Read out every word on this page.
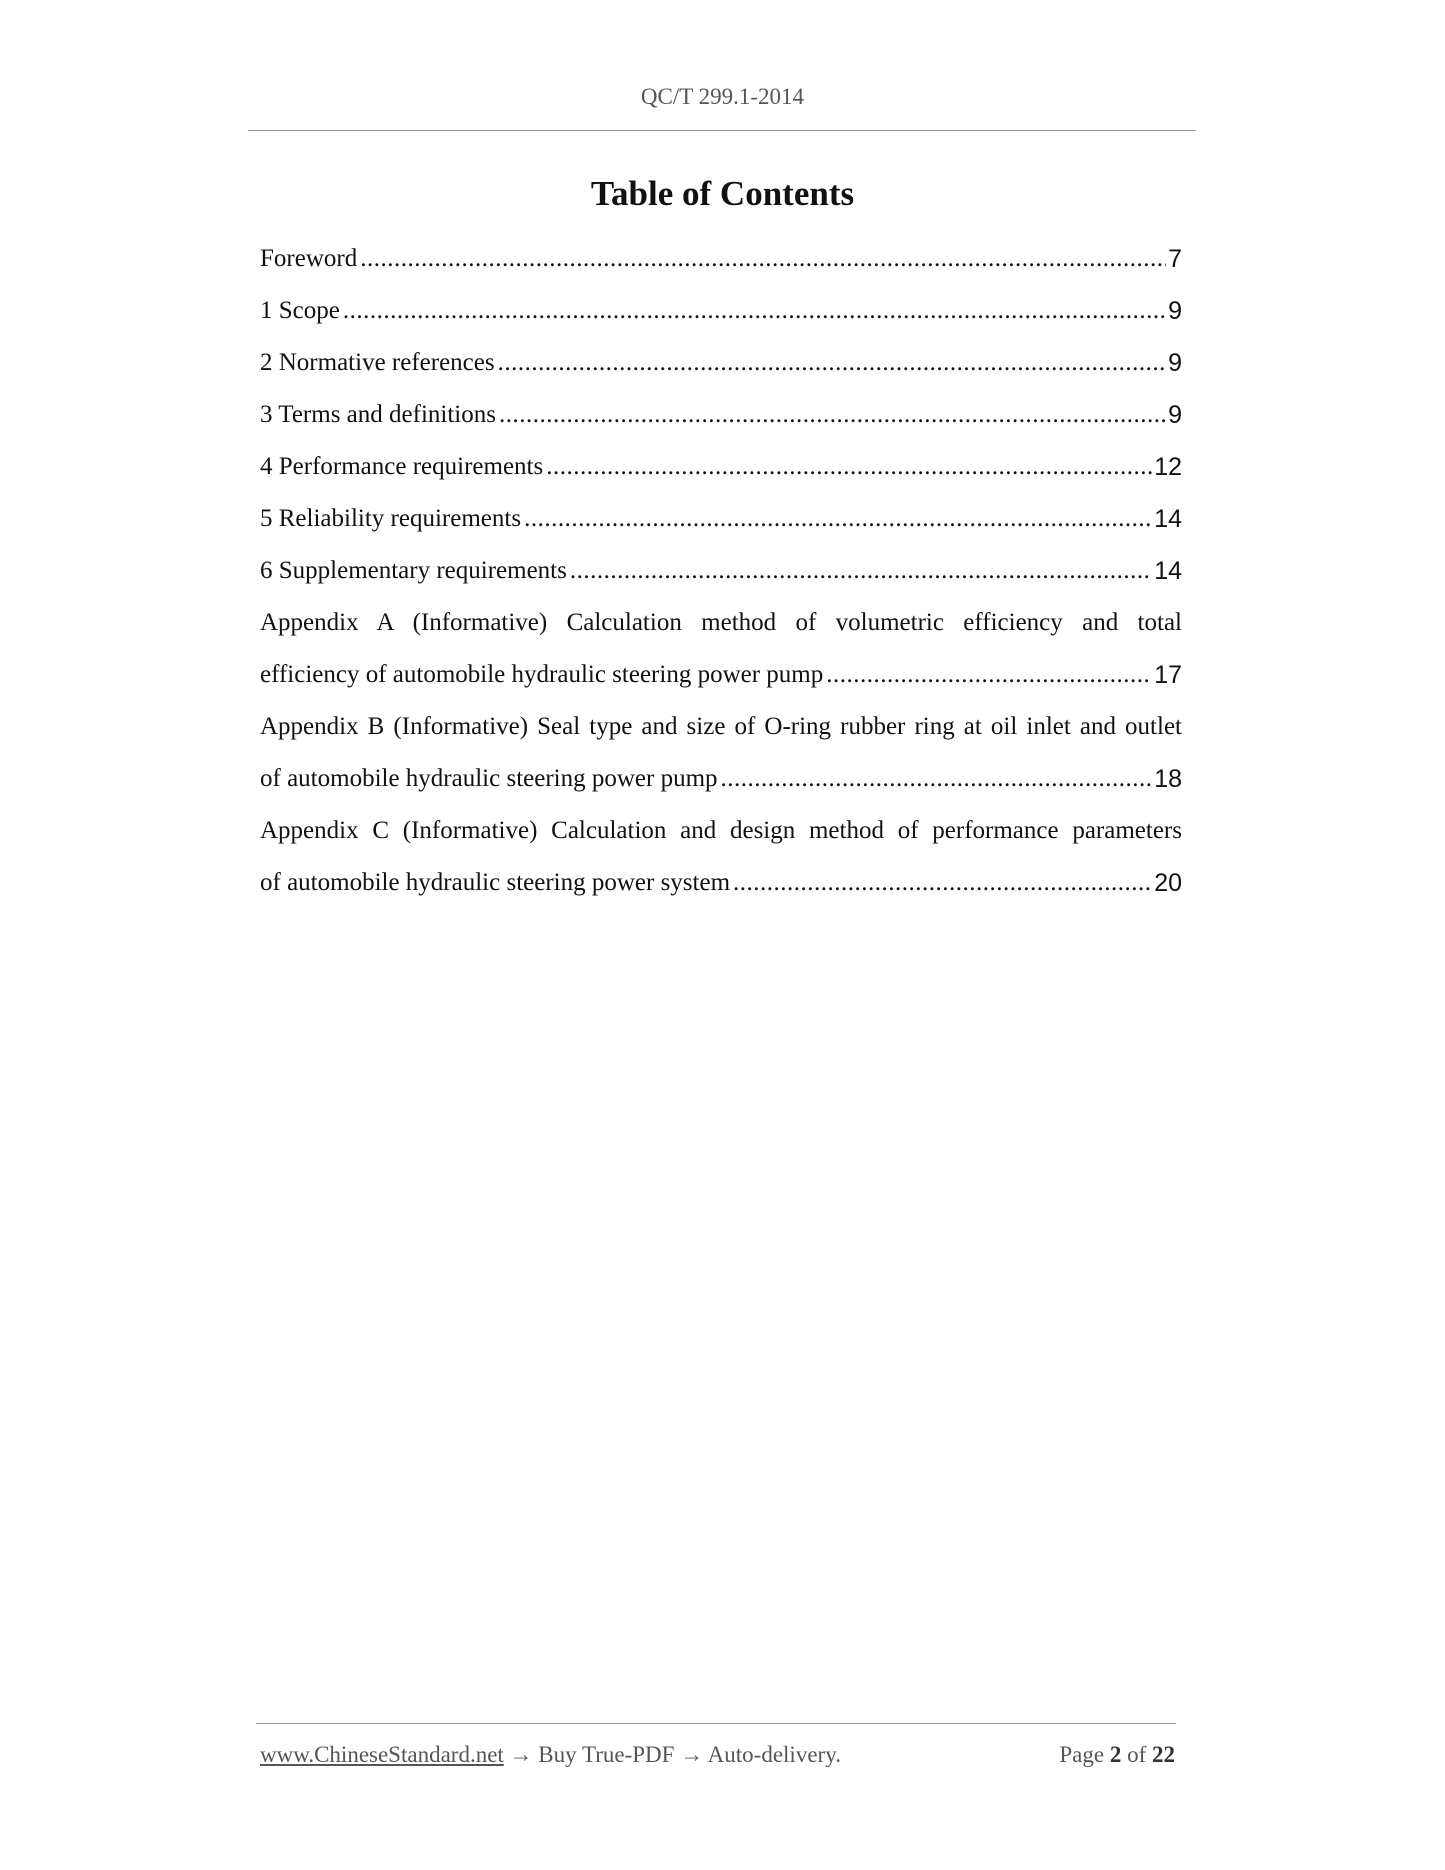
QC/T 299.1-2014
Table of Contents
Foreword .....	7
1 Scope .....	9
2 Normative references .....	9
3 Terms and definitions .....	9
4 Performance requirements .....	12
5 Reliability requirements .....	14
6 Supplementary requirements .....	14
Appendix A (Informative) Calculation method of volumetric efficiency and total
efficiency of automobile hydraulic steering power pump .....	17
Appendix B (Informative) Seal type and size of O-ring rubber ring at oil inlet and outlet
of automobile hydraulic steering power pump .....	18
Appendix C (Informative) Calculation and design method of performance parameters
of automobile hydraulic steering power system .....	20
www.ChineseStandard.net → Buy True-PDF → Auto-delivery.	Page 2 of 22
